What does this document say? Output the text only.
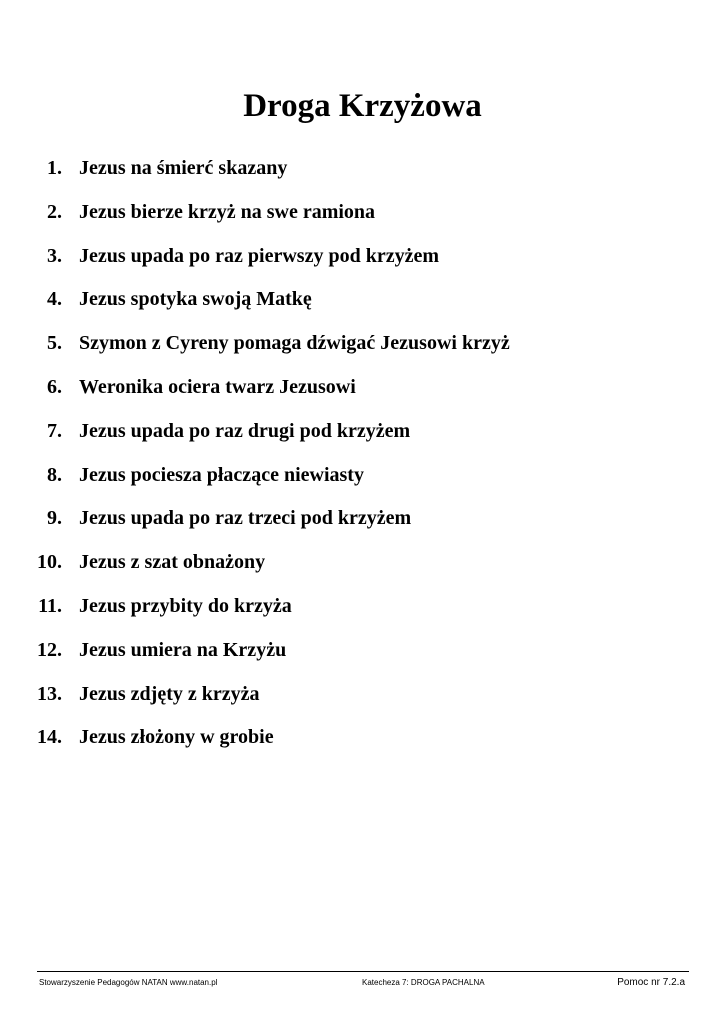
Droga Krzyżowa
1. Jezus na śmierć skazany
2. Jezus bierze krzyż na swe ramiona
3. Jezus upada po raz pierwszy pod krzyżem
4. Jezus spotyka swoją Matkę
5. Szymon z Cyreny pomaga dźwigać Jezusowi krzyż
6. Weronika ociera twarz Jezusowi
7. Jezus upada po raz drugi pod krzyżem
8. Jezus pociesza płaczące niewiasty
9. Jezus upada po raz trzeci pod krzyżem
10. Jezus z szat obnażony
11. Jezus przybity do krzyża
12. Jezus umiera na Krzyżu
13. Jezus zdjęty z krzyża
14. Jezus złożony w grobie
Stowarzyszenie Pedagogów NATAN www.natan.pl	Katecheza 7: DROGA PACHALNA	Pomoc nr 7.2.a
